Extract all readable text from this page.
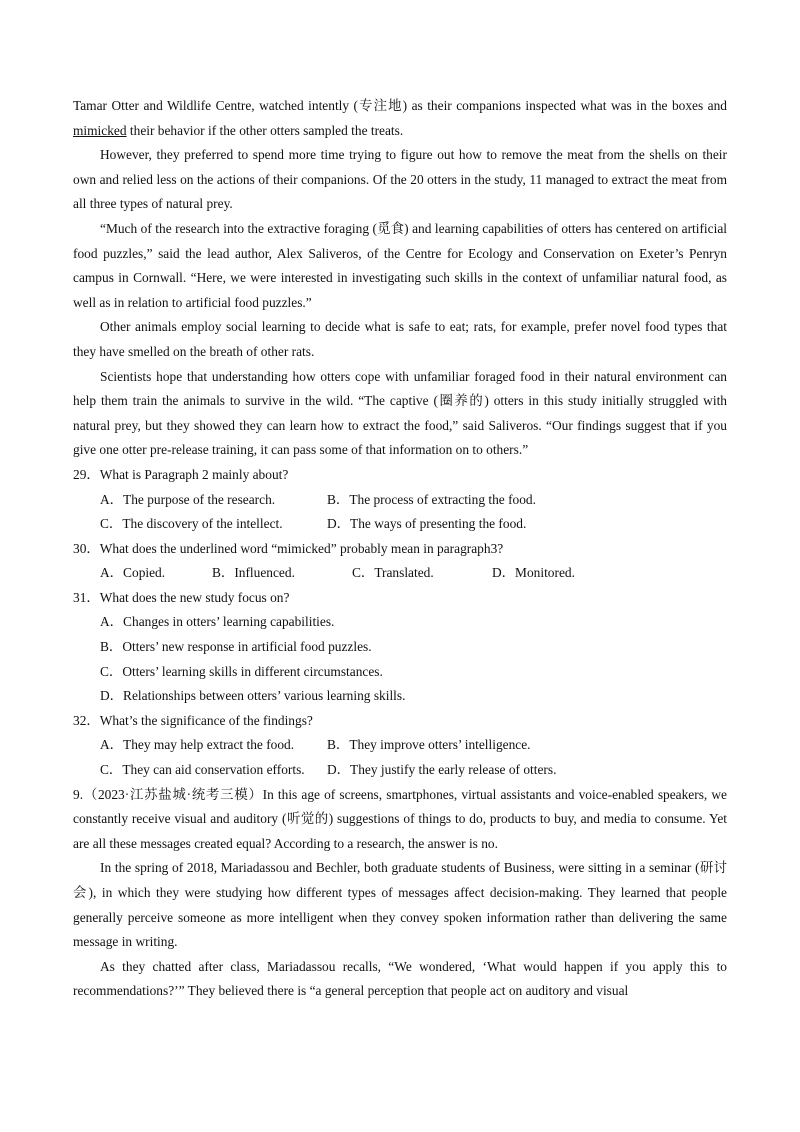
Tamar Otter and Wildlife Centre, watched intently (专注地) as their companions inspected what was in the boxes and mimicked their behavior if the other otters sampled the treats.

However, they preferred to spend more time trying to figure out how to remove the meat from the shells on their own and relied less on the actions of their companions. Of the 20 otters in the study, 11 managed to extract the meat from all three types of natural prey.

“Much of the research into the extractive foraging (觅食) and learning capabilities of otters has centered on artificial food puzzles,” said the lead author, Alex Saliveros, of the Centre for Ecology and Conservation on Exeter’s Penryn campus in Cornwall. “Here, we were interested in investigating such skills in the context of unfamiliar natural food, as well as in relation to artificial food puzzles.”

Other animals employ social learning to decide what is safe to eat; rats, for example, prefer novel food types that they have smelled on the breath of other rats.

Scientists hope that understanding how otters cope with unfamiliar foraged food in their natural environment can help them train the animals to survive in the wild. “The captive (圈养的) otters in this study initially struggled with natural prey, but they showed they can learn how to extract the food,” said Saliveros. “Our findings suggest that if you give one otter pre-release training, it can pass some of that information on to others.”

29．What is Paragraph 2 mainly about?

A．The purpose of the research.	B．The process of extracting the food.
C．The discovery of the intellect.	D．The ways of presenting the food.

30．What does the underlined word “mimicked” probably mean in paragraph3?

A．Copied.	B．Influenced.	C．Translated.	D．Monitored.

31．What does the new study focus on?

A．Changes in otters’ learning capabilities.

B．Otters’ new response in artificial food puzzles.

C．Otters’ learning skills in different circumstances.

D．Relationships between otters’ various learning skills.

32．What’s the significance of the findings?

A．They may help extract the food.	B．They improve otters’ intelligence.
C．They can aid conservation efforts.	D．They justify the early release of otters.

9.（2023·江苏盐城·统考三模）In this age of screens, smartphones, virtual assistants and voice-enabled speakers, we constantly receive visual and auditory (听觉的) suggestions of things to do, products to buy, and media to consume. Yet are all these messages created equal? According to a research, the answer is no.

In the spring of 2018, Mariadassou and Bechler, both graduate students of Business, were sitting in a seminar (研讨会), in which they were studying how different types of messages affect decision-making. They learned that people generally perceive someone as more intelligent when they convey spoken information rather than delivering the same message in writing.

As they chatted after class, Mariadassou recalls, “We wondered, ‘What would happen if you apply this to recommendations?’” They believed there is “a general perception that people act on auditory and visual
